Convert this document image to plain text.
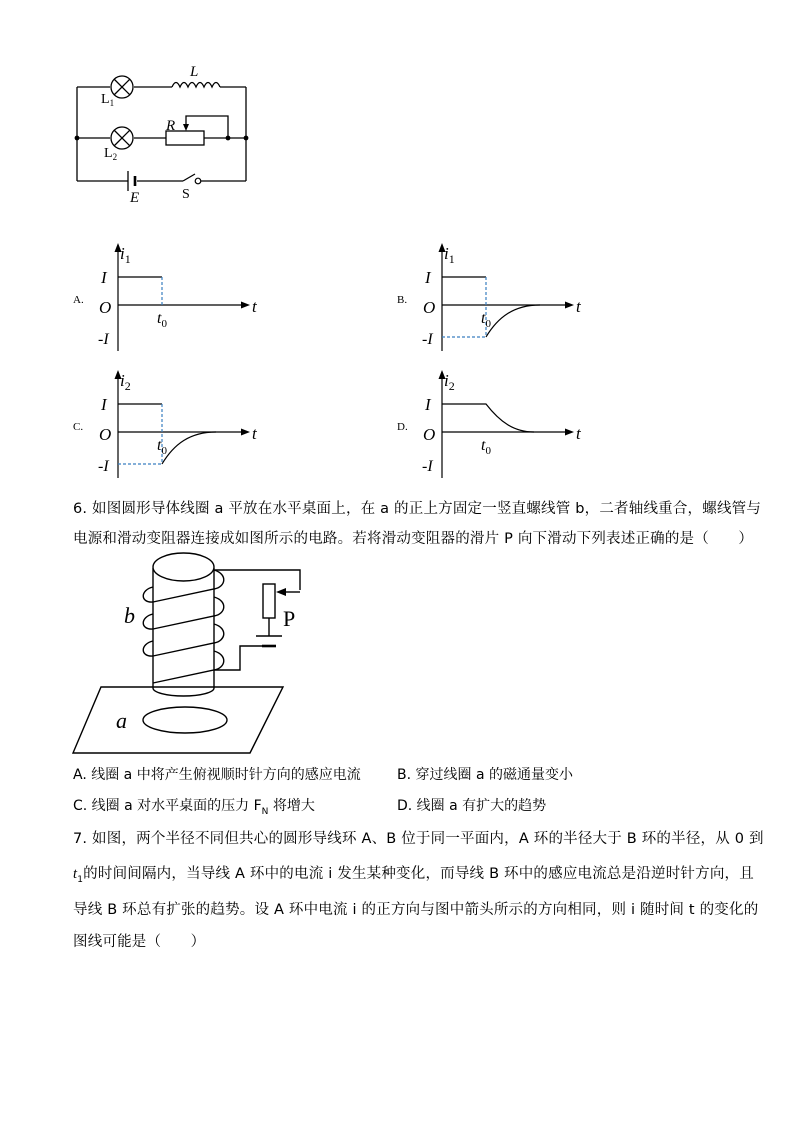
L
$L_1$
$L_2$
R
E	S
$i_1$
I
O
-I
$t_0$
t
A.
$i_1$
I
O
-I
$t_0$
t
B.
$i_2$
I
O
-I
$t_0$
t
C.
$i_2$
I
O
-I
$t_0$
t
D.
6. 如图圆形导体线圈 a 平放在水平桌面上，在 a 的正上方固定一竖直螺线管 b，二者轴线重合，螺线管与
电源和滑动变阻器连接成如图所示的电路。若将滑动变阻器的滑片 P 向下滑动下列表述正确的是（　　）
b
a
P
A. 线圈 a 中将产生俯视顺时针方向的感应电流	B. 穿过线圈 a 的磁通量变小
C. 线圈 a 对水平桌面的压力 $F_N$ 将增大	D. 线圈 a 有扩大的趋势
7. 如图，两个半径不同但共心的圆形导线环 A、B 位于同一平面内，A 环的半径大于 B 环的半径，从 0 到
$t_1$的时间间隔内，当导线 A 环中的电流 i 发生某种变化，而导线 B 环中的感应电流总是沿逆时针方向，且
导线 B 环总有扩张的趋势。设 A 环中电流 i 的正方向与图中箭头所示的方向相同，则 i 随时间 t 的变化的
图线可能是（　　）
